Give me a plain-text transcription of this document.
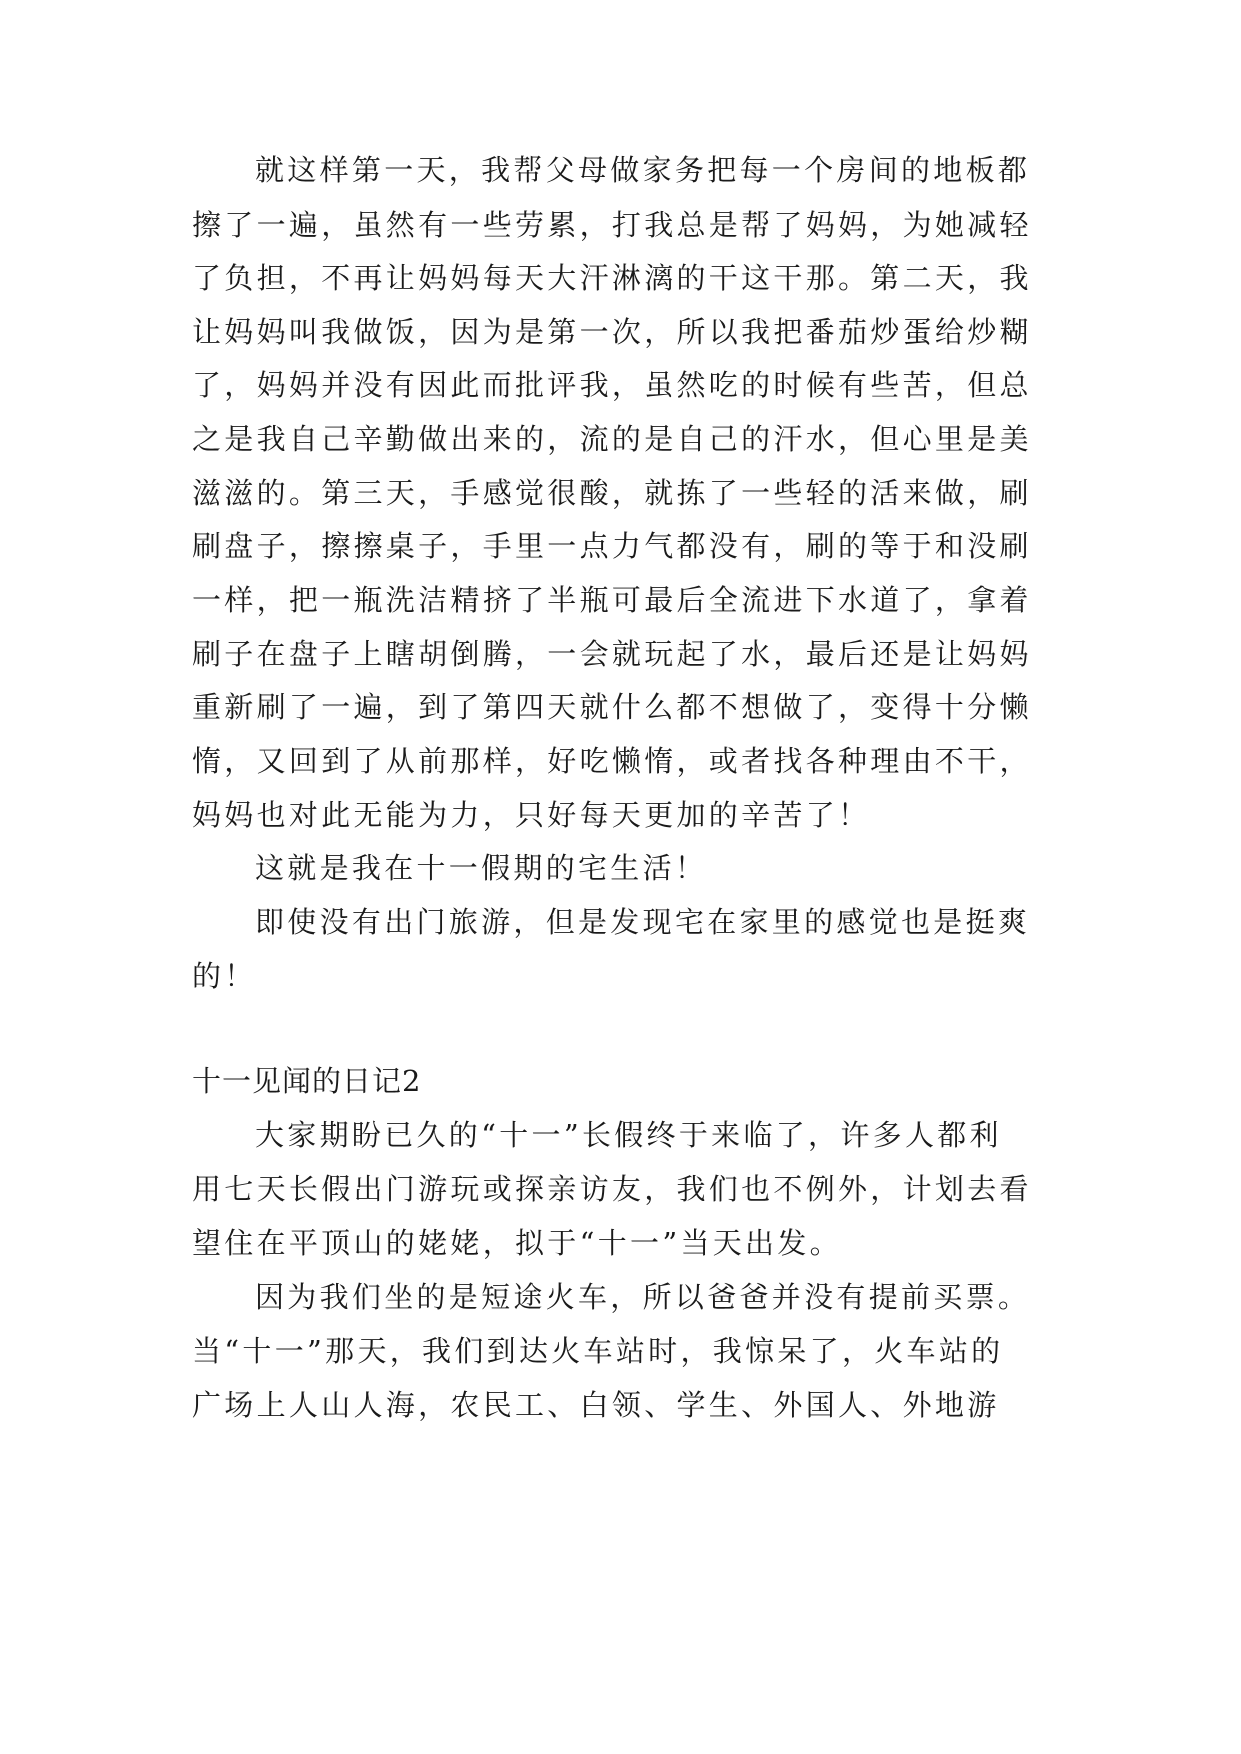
就这样第一天，我帮父母做家务把每一个房间的地板都
擦了一遍，虽然有一些劳累，打我总是帮了妈妈，为她减轻
了负担，不再让妈妈每天大汗淋漓的干这干那。第二天，我
让妈妈叫我做饭，因为是第一次，所以我把番茄炒蛋给炒糊
了，妈妈并没有因此而批评我，虽然吃的时候有些苦，但总
之是我自己辛勤做出来的，流的是自己的汗水，但心里是美
滋滋的。第三天，手感觉很酸，就拣了一些轻的活来做，刷
刷盘子，擦擦桌子，手里一点力气都没有，刷的等于和没刷
一样，把一瓶洗洁精挤了半瓶可最后全流进下水道了，拿着
刷子在盘子上瞎胡倒腾，一会就玩起了水，最后还是让妈妈
重新刷了一遍，到了第四天就什么都不想做了，变得十分懒
惰，又回到了从前那样，好吃懒惰，或者找各种理由不干，
妈妈也对此无能为力，只好每天更加的辛苦了！
这就是我在十一假期的宅生活！
即使没有出门旅游，但是发现宅在家里的感觉也是挺爽
的！
十一见闻的日记2
大家期盼已久的“十一”长假终于来临了，许多人都利
用七天长假出门游玩或探亲访友，我们也不例外，计划去看
望住在平顶山的姥姥，拟于“十一”当天出发。
因为我们坐的是短途火车，所以爸爸并没有提前买票。
当“十一”那天，我们到达火车站时，我惊呆了，火车站的
广场上人山人海，农民工、白领、学生、外国人、外地游
